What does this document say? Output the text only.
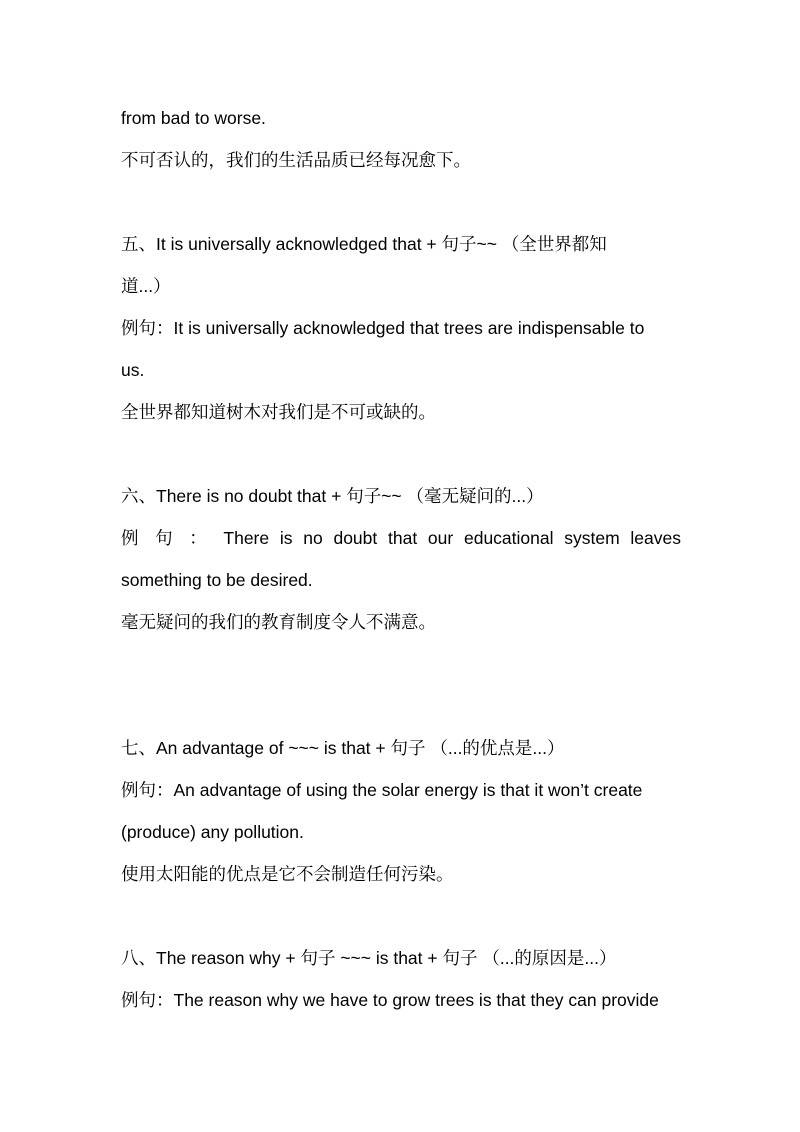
from bad to worse.
不可否认的，我们的生活品质已经每况愈下。
五、It is universally acknowledged that + 句子~~ （全世界都知
道...）
例句：It is universally acknowledged that trees are indispensable to
us.
全世界都知道树木对我们是不可或缺的。
六、There is no doubt that + 句子~~ （毫无疑问的...）
例 句 ： There is no doubt that our educational system leaves
something to be desired.
毫无疑问的我们的教育制度令人不满意。
七、An advantage of ~~~ is that + 句子 （...的优点是...）
例句：An advantage of using the solar energy is that it won’t create
(produce) any pollution.
使用太阳能的优点是它不会制造任何污染。
八、The reason why + 句子 ~~~ is that + 句子 （...的原因是...）
例句：The reason why we have to grow trees is that they can provide
